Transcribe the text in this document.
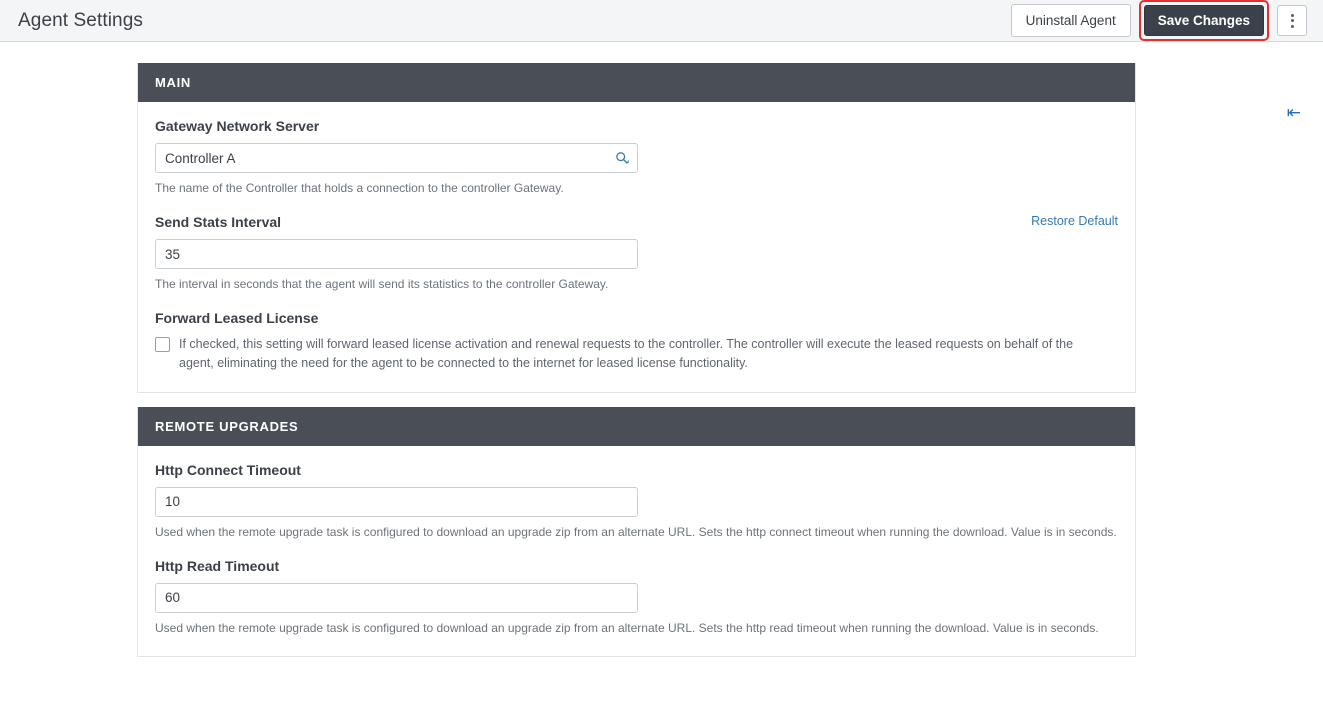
Agent Settings	Uninstall Agent	Save Changes
⇤
MAIN
Gateway Network Server
Controller A
The name of the Controller that holds a connection to the controller Gateway.
Send Stats Interval	Restore Default
35
The interval in seconds that the agent will send its statistics to the controller Gateway.
Forward Leased License
If checked, this setting will forward leased license activation and renewal requests to the controller. The controller will execute the leased requests on behalf of the agent, eliminating the need for the agent to be connected to the internet for leased license functionality.
REMOTE UPGRADES
Http Connect Timeout
10
Used when the remote upgrade task is configured to download an upgrade zip from an alternate URL. Sets the http connect timeout when running the download. Value is in seconds.
Http Read Timeout
60
Used when the remote upgrade task is configured to download an upgrade zip from an alternate URL. Sets the http read timeout when running the download. Value is in seconds.
